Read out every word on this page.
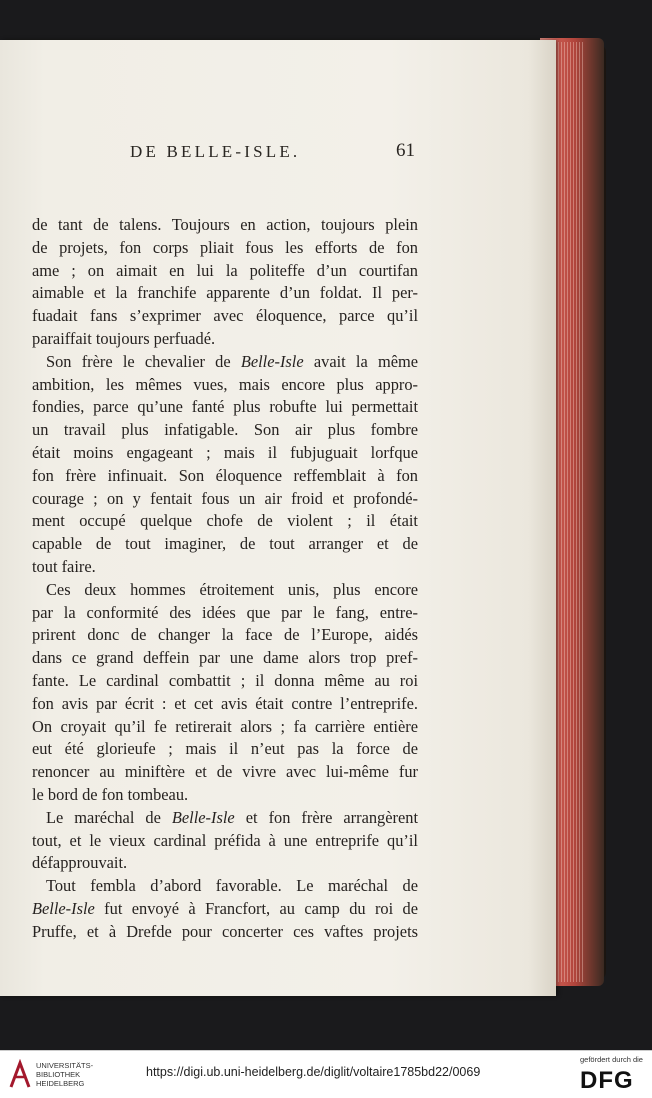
DE BELLE-ISLE.	61
de tant de talens. Toujours en action, toujours plein
de projets, fon corps pliait fous les efforts de fon
ame ; on aimait en lui la politeffe d’un courtifan
aimable et la franchife apparente d’un foldat. Il per-
fuadait fans s’exprimer avec éloquence, parce qu’il
paraiffait toujours perfuadé.
Son frère le chevalier de Belle-Isle avait la même
ambition, les mêmes vues, mais encore plus appro-
fondies, parce qu’une fanté plus robufte lui permettait
un travail plus infatigable. Son air plus fombre
était moins engageant ; mais il fubjuguait lorfque
fon frère infinuait. Son éloquence reffemblait à fon
courage ; on y fentait fous un air froid et profondé-
ment occupé quelque chofe de violent ; il était
capable de tout imaginer, de tout arranger et de
tout faire.
Ces deux hommes étroitement unis, plus encore
par la conformité des idées que par le fang, entre-
prirent donc de changer la face de l’Europe, aidés
dans ce grand deffein par une dame alors trop pref-
fante. Le cardinal combattit ; il donna même au roi
fon avis par écrit : et cet avis était contre l’entreprife.
On croyait qu’il fe retirerait alors ; fa carrière entière
eut été glorieufe ; mais il n’eut pas la force de
renoncer au miniftère et de vivre avec lui-même fur
le bord de fon tombeau.
Le maréchal de Belle-Isle et fon frère arrangèrent
tout, et le vieux cardinal préfida à une entreprife qu’il
défapprouvait.
Tout fembla d’abord favorable. Le maréchal de
Belle-Isle fut envoyé à Francfort, au camp du roi de
Pruffe, et à Drefde pour concerter ces vaftes projets
UNIVERSITÄTS-
BIBLIOTHEK
HEIDELBERG
https://digi.ub.uni-heidelberg.de/diglit/voltaire1785bd22/0069
gefördert durch die
DFG
